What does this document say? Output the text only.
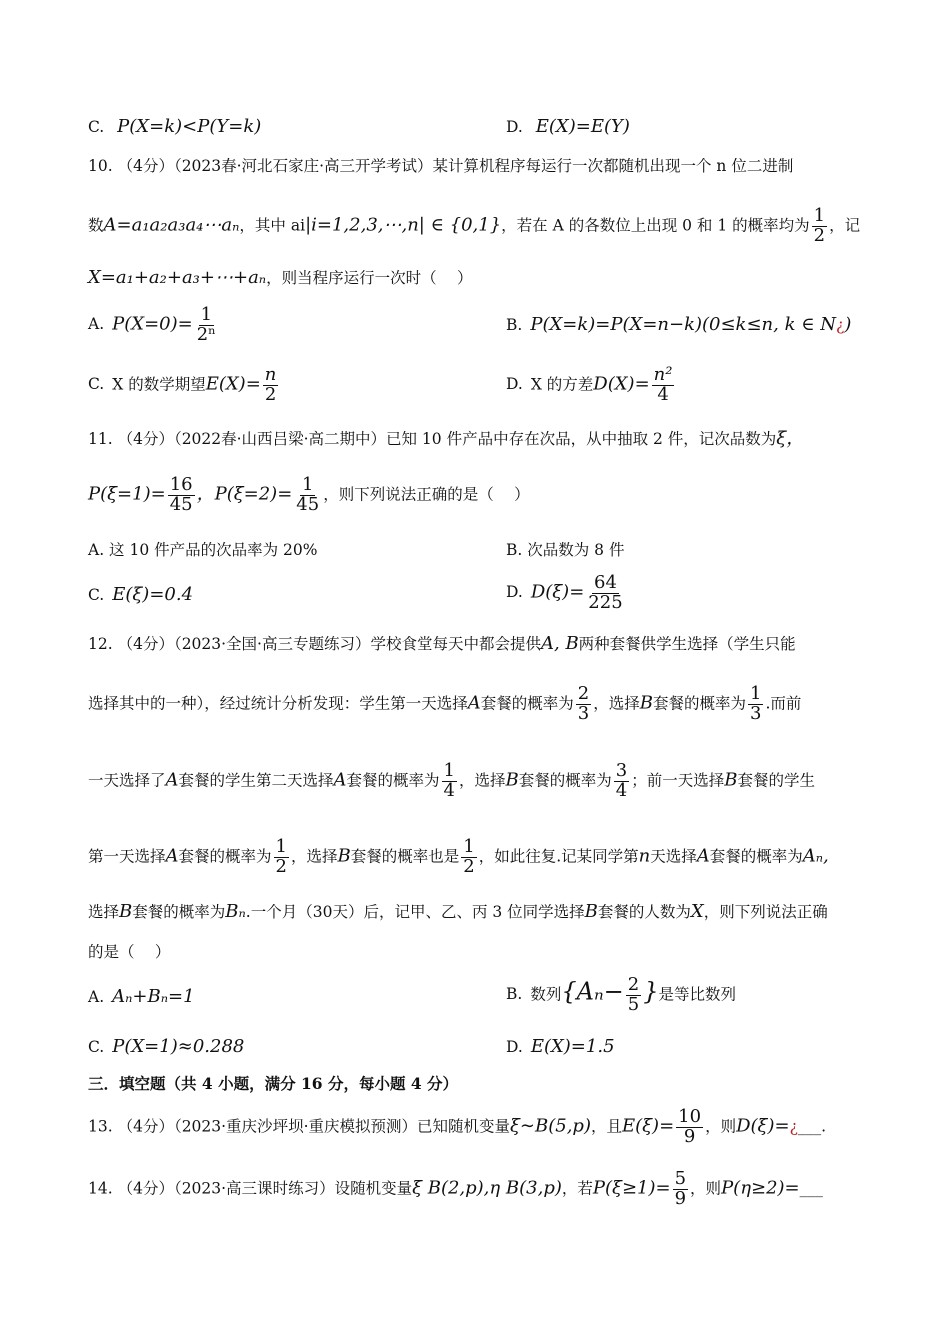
C. P(X=k)<P(Y=k)	D. E(X)=E(Y)
10. （4分）（2023春·河北石家庄·高三开学考试）某计算机程序每运行一次都随机出现一个 n 位二进制
数A=a₁a₂a₃a₄⋯aₙ，其中 ai|i=1,2,3,⋯,n| ∈ {0,1}，若在 A 的各数位上出现 0 和 1 的概率均为 $\frac{1}{2}$ ，记
X=a₁+a₂+a₃+⋯+aₙ，则当程序运行一次时（　 ）
A. $P(X=0)= \frac{1}{\text{2ⁿ}}$	B. P(X=k)=P(X=n−k)(0≤k≤n, k ∈ N¿)
C. X 的数学期望$E(X)= \frac{n}{2}$	D. X 的方差$D(X)= \frac{\text{n²}}{4}$
11. （4分）（2022春·山西吕梁·高二期中）已知 10 件产品中存在次品，从中抽取 2 件，记次品数为ξ，
$P(\xi=1)= \frac{16}{45}$ ，$P(\xi=2)= \frac{1}{45}$ ，则下列说法正确的是（　 ）
A. 这 10 件产品的次品率为 20%	B. 次品数为 8 件
C. E(ξ)=0.4	D. $D(\xi)= \frac{64}{225}$
12. （4分）（2023·全国·高三专题练习）学校食堂每天中都会提供A, B两种套餐供学生选择（学生只能
选择其中的一种），经过统计分析发现：学生第一天选择A套餐的概率为 $\frac{2}{3}$ ，选择B套餐的概率为 $\frac{1}{3}$ .而前
一天选择了A套餐的学生第二天选择A套餐的概率为 $\frac{1}{4}$ ，选择B套餐的概率为 $\frac{3}{4}$ ；前一天选择B套餐的学生
第一天选择A套餐的概率为 $\frac{1}{2}$ ，选择B套餐的概率也是 $\frac{1}{2}$ ，如此往复.记某同学第n天选择A套餐的概率为Aₙ,
选择B套餐的概率为Bₙ.一个月（30天）后，记甲、乙、丙 3 位同学选择B套餐的人数为X，则下列说法正确
的是（　 ）
A. Aₙ+Bₙ=1	B. 数列{$A_n- \frac{2}{5}$ }是等比数列
C. P(X=1)≈0.288	D. E(X)=1.5
三．填空题（共 4 小题，满分 16 分，每小题 4 分）
13. （4分）（2023·重庆沙坪坝·重庆模拟预测）已知随机变量ξ∼B(5,p)，且$E(\xi)= \frac{10}{9}$ ，则D(ξ)=¿___.
14. （4分）（2023·高三课时练习）设随机变量ξ B(2,p),η B(3,p)，若$P(\xi\ge 1)= \frac{5}{9}$ ，则P(η≥2)=___
